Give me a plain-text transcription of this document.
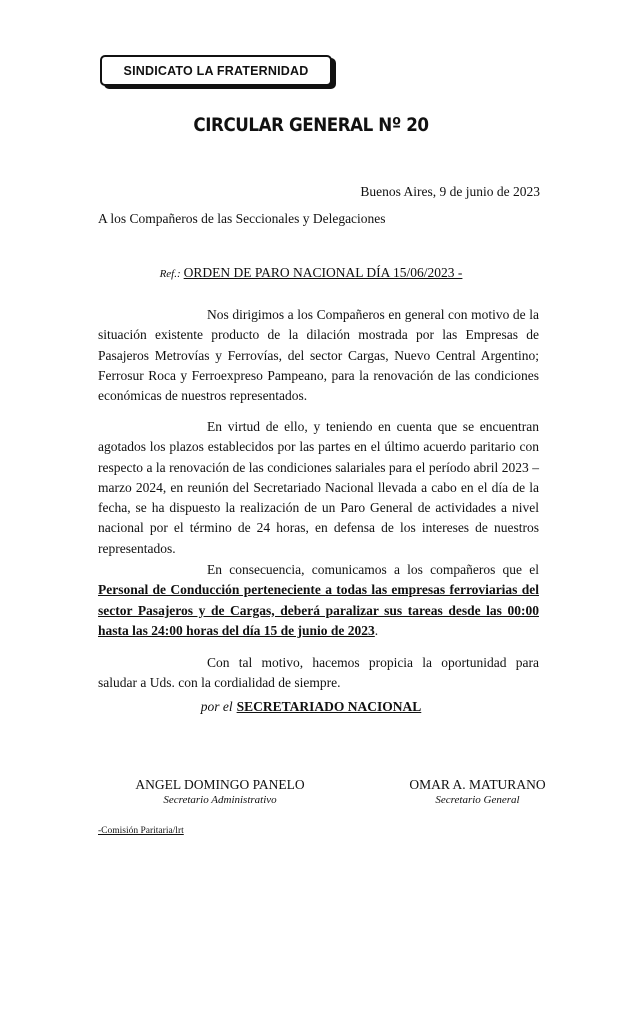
SINDICATO LA FRATERNIDAD
CIRCULAR GENERAL Nº 20
Buenos Aires, 9 de junio de 2023
A los Compañeros de las Seccionales y Delegaciones
Ref.: ORDEN DE PARO NACIONAL DÍA 15/06/2023 -

Nos dirigimos a los Compañeros en general con motivo de la situación existente producto de la dilación mostrada por las Empresas de Pasajeros Metrovías y Ferrovías, del sector Cargas, Nuevo Central Argentino; Ferrosur Roca y Ferroexpreso Pampeano, para la renovación de las condiciones económicas de nuestros representados.

En virtud de ello, y teniendo en cuenta que se encuentran agotados los plazos establecidos por las partes en el último acuerdo paritario con respecto a la renovación de las condiciones salariales para el período abril 2023 – marzo 2024, en reunión del Secretariado Nacional llevada a cabo en el día de la fecha, se ha dispuesto la realización de un Paro General de actividades a nivel nacional por el término de 24 horas, en defensa de los intereses de nuestros representados.

En consecuencia, comunicamos a los compañeros que el Personal de Conducción perteneciente a todas las empresas ferroviarias del sector Pasajeros y de Cargas, deberá paralizar sus tareas desde las 00:00 hasta las 24:00 horas del día 15 de junio de 2023.

Con tal motivo, hacemos propicia la oportunidad para saludar a Uds. con la cordialidad de siempre.

por el SECRETARIADO NACIONAL
ANGEL DOMINGO PANELO
Secretario Administrativo
OMAR A. MATURANO
Secretario General
-Comisión Paritaria/lrt
